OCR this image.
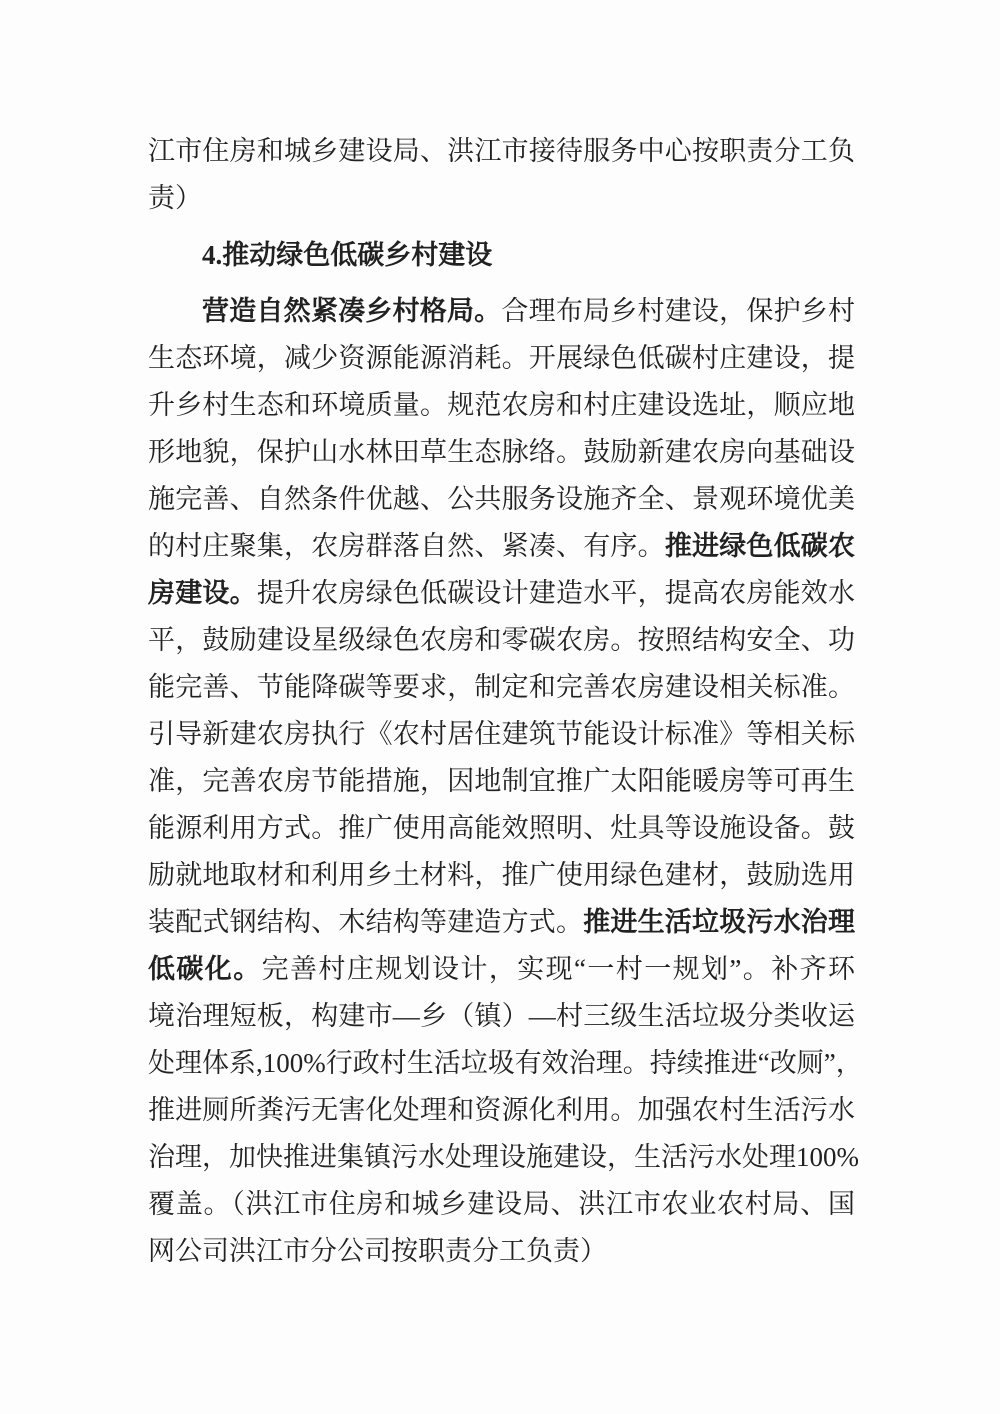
江市住房和城乡建设局、洪江市接待服务中心按职责分工负
责）
4.推动绿色低碳乡村建设
营造自然紧凑乡村格局。合理布局乡村建设，保护乡村
生态环境，减少资源能源消耗。开展绿色低碳村庄建设，提
升乡村生态和环境质量。规范农房和村庄建设选址，顺应地
形地貌，保护山水林田草生态脉络。鼓励新建农房向基础设
施完善、自然条件优越、公共服务设施齐全、景观环境优美
的村庄聚集，农房群落自然、紧凑、有序。推进绿色低碳农
房建设。提升农房绿色低碳设计建造水平，提高农房能效水
平，鼓励建设星级绿色农房和零碳农房。按照结构安全、功
能完善、节能降碳等要求，制定和完善农房建设相关标准。
引导新建农房执行《农村居住建筑节能设计标准》等相关标
准，完善农房节能措施，因地制宜推广太阳能暖房等可再生
能源利用方式。推广使用高能效照明、灶具等设施设备。鼓
励就地取材和利用乡土材料，推广使用绿色建材，鼓励选用
装配式钢结构、木结构等建造方式。推进生活垃圾污水治理
低碳化。完善村庄规划设计，实现“一村一规划”。补齐环
境治理短板，构建市—乡（镇）—村三级生活垃圾分类收运
处理体系,100%行政村生活垃圾有效治理。持续推进“改厕”，
推进厕所粪污无害化处理和资源化利用。加强农村生活污水
治理，加快推进集镇污水处理设施建设，生活污水处理100%
覆盖。（洪江市住房和城乡建设局、洪江市农业农村局、国
网公司洪江市分公司按职责分工负责）
